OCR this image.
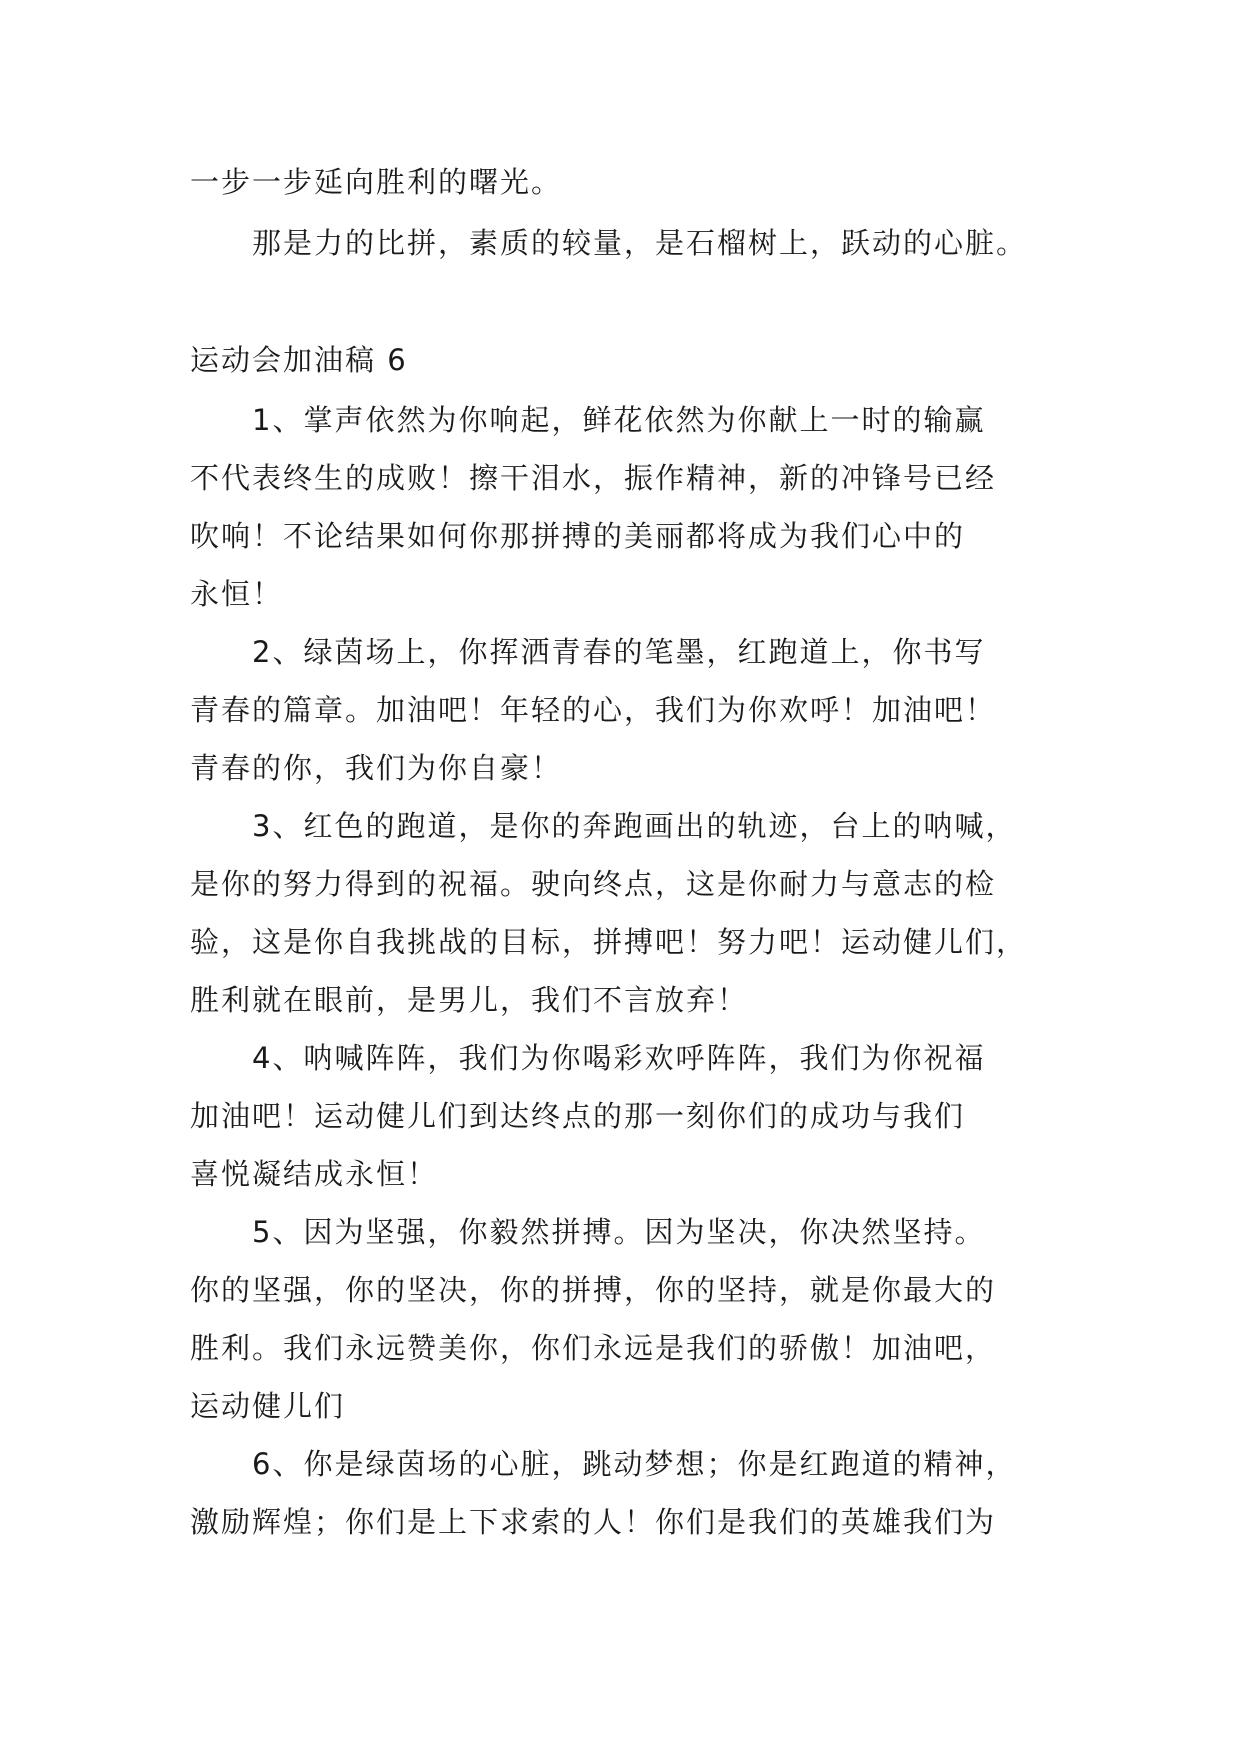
一步一步延向胜利的曙光。
那是力的比拼，素质的较量，是石榴树上，跃动的心脏。
运动会加油稿 6
1、掌声依然为你响起，鲜花依然为你献上一时的输赢
不代表终生的成败！擦干泪水，振作精神，新的冲锋号已经
吹响！不论结果如何你那拼搏的美丽都将成为我们心中的
永恒！
2、绿茵场上，你挥洒青春的笔墨，红跑道上，你书写
青春的篇章。加油吧！年轻的心，我们为你欢呼！加油吧！
青春的你，我们为你自豪！
3、红色的跑道，是你的奔跑画出的轨迹，台上的呐喊，
是你的努力得到的祝福。驶向终点，这是你耐力与意志的检
验，这是你自我挑战的目标，拼搏吧！努力吧！运动健儿们，
胜利就在眼前，是男儿，我们不言放弃！
4、呐喊阵阵，我们为你喝彩欢呼阵阵，我们为你祝福
加油吧！运动健儿们到达终点的那一刻你们的成功与我们
喜悦凝结成永恒！
5、因为坚强，你毅然拼搏。因为坚决，你决然坚持。
你的坚强，你的坚决，你的拼搏，你的坚持，就是你最大的
胜利。我们永远赞美你，你们永远是我们的骄傲！加油吧，
运动健儿们
6、你是绿茵场的心脏，跳动梦想；你是红跑道的精神，
激励辉煌；你们是上下求索的人！你们是我们的英雄我们为
